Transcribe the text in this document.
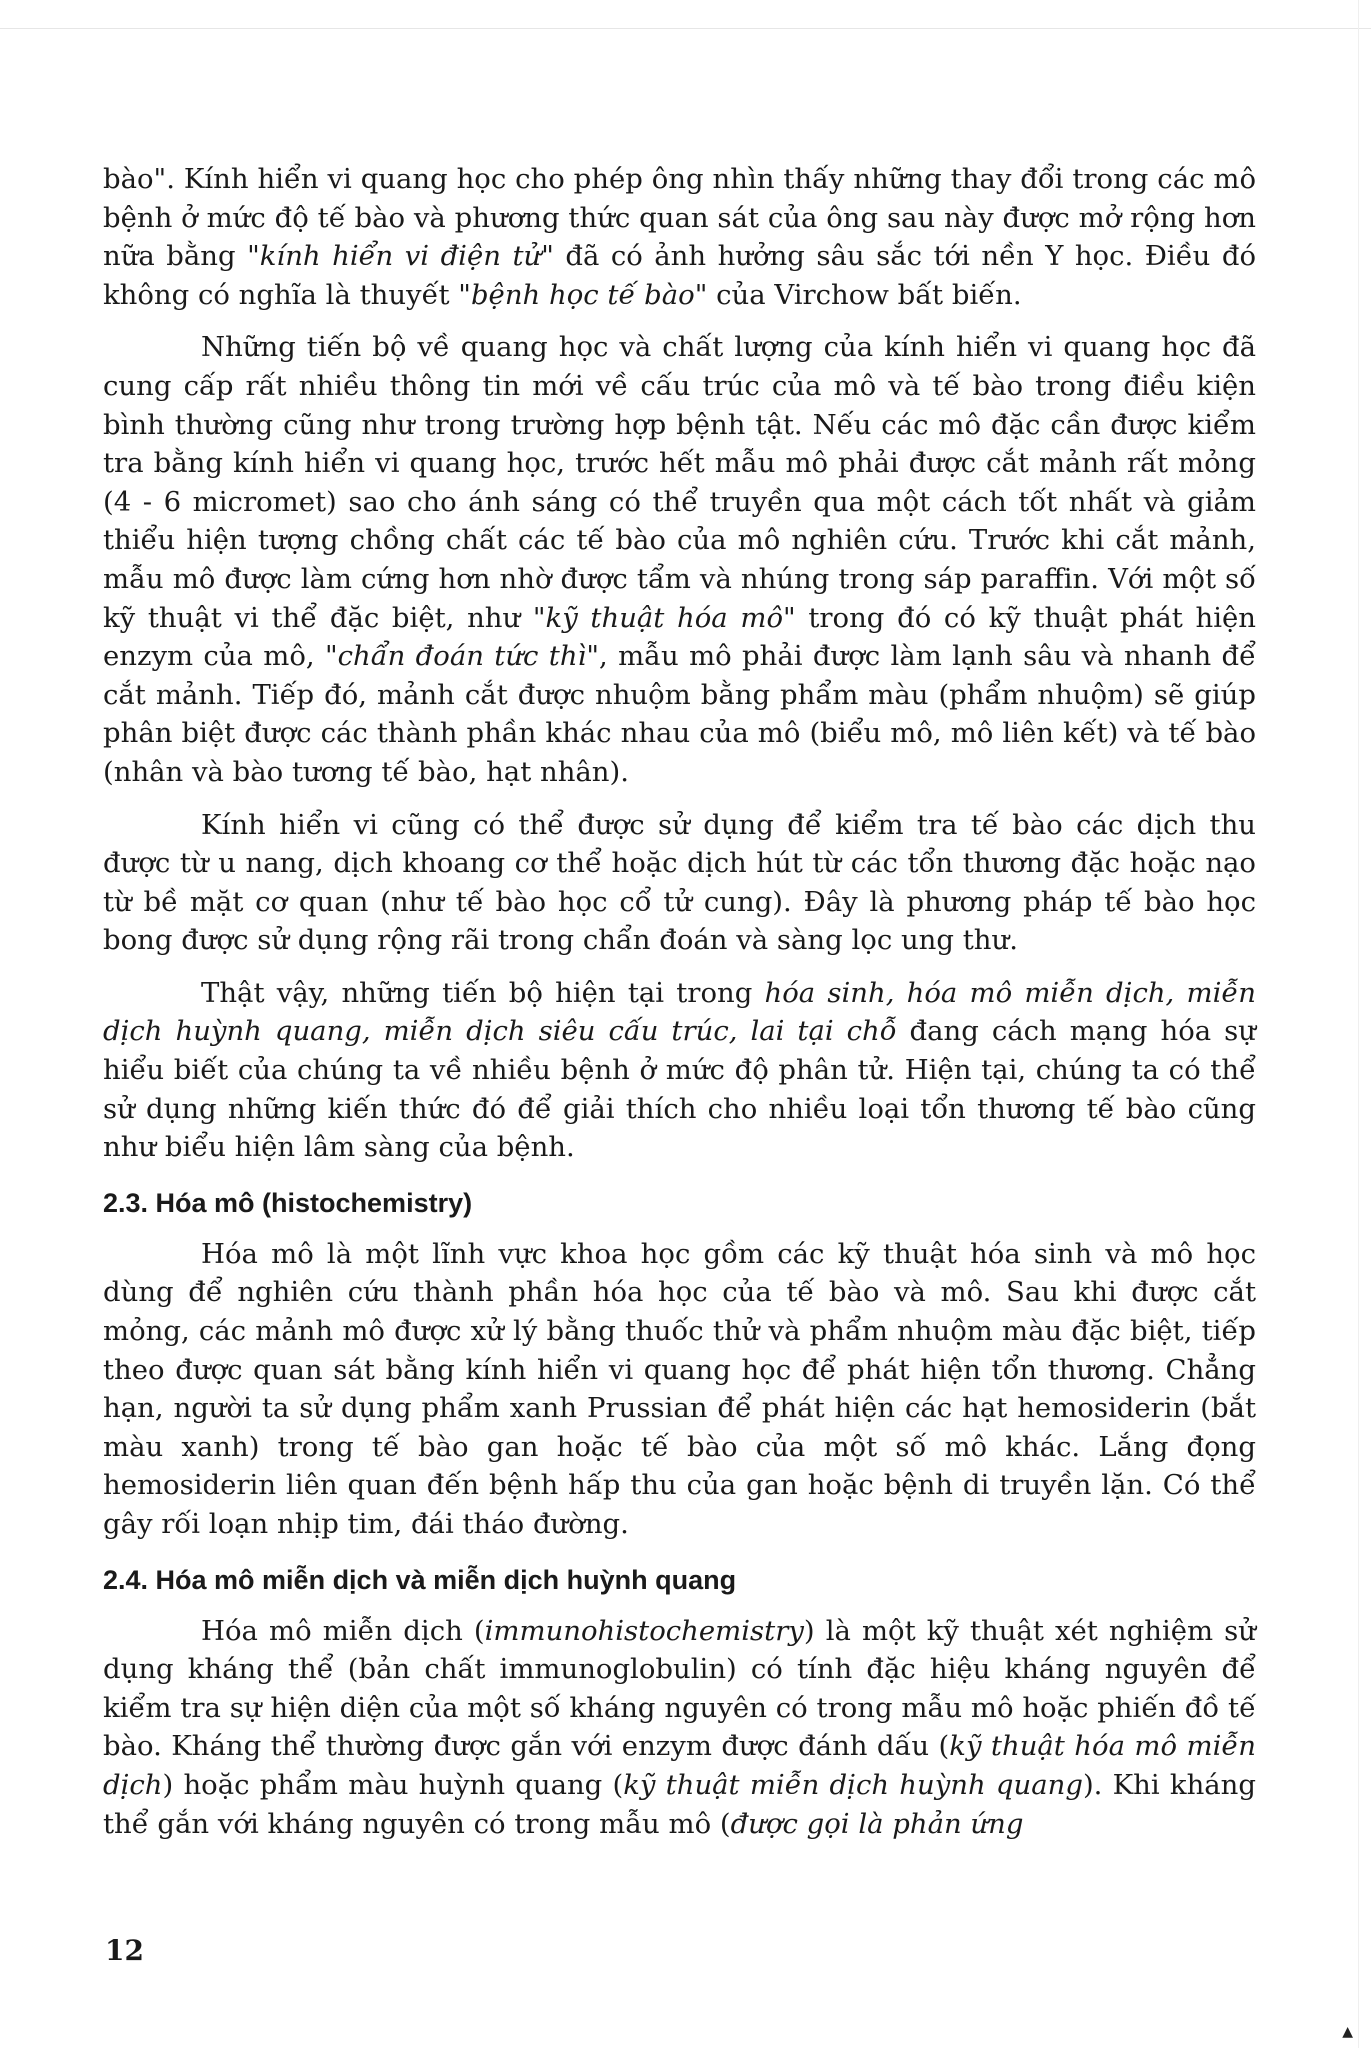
bào". Kính hiển vi quang học cho phép ông nhìn thấy những thay đổi trong các mô bệnh ở mức độ tế bào và phương thức quan sát của ông sau này được mở rộng hơn nữa bằng "kính hiển vi điện tử" đã có ảnh hưởng sâu sắc tới nền Y học. Điều đó không có nghĩa là thuyết "bệnh học tế bào" của Virchow bất biến.

Những tiến bộ về quang học và chất lượng của kính hiển vi quang học đã cung cấp rất nhiều thông tin mới về cấu trúc của mô và tế bào trong điều kiện bình thường cũng như trong trường hợp bệnh tật. Nếu các mô đặc cần được kiểm tra bằng kính hiển vi quang học, trước hết mẫu mô phải được cắt mảnh rất mỏng (4 - 6 micromet) sao cho ánh sáng có thể truyền qua một cách tốt nhất và giảm thiểu hiện tượng chồng chất các tế bào của mô nghiên cứu. Trước khi cắt mảnh, mẫu mô được làm cứng hơn nhờ được tẩm và nhúng trong sáp paraffin. Với một số kỹ thuật vi thể đặc biệt, như "kỹ thuật hóa mô" trong đó có kỹ thuật phát hiện enzym của mô, "chẩn đoán tức thì", mẫu mô phải được làm lạnh sâu và nhanh để cắt mảnh. Tiếp đó, mảnh cắt được nhuộm bằng phẩm màu (phẩm nhuộm) sẽ giúp phân biệt được các thành phần khác nhau của mô (biểu mô, mô liên kết) và tế bào (nhân và bào tương tế bào, hạt nhân).

Kính hiển vi cũng có thể được sử dụng để kiểm tra tế bào các dịch thu được từ u nang, dịch khoang cơ thể hoặc dịch hút từ các tổn thương đặc hoặc nạo từ bề mặt cơ quan (như tế bào học cổ tử cung). Đây là phương pháp tế bào học bong được sử dụng rộng rãi trong chẩn đoán và sàng lọc ung thư.

Thật vậy, những tiến bộ hiện tại trong hóa sinh, hóa mô miễn dịch, miễn dịch huỳnh quang, miễn dịch siêu cấu trúc, lai tại chỗ đang cách mạng hóa sự hiểu biết của chúng ta về nhiều bệnh ở mức độ phân tử. Hiện tại, chúng ta có thể sử dụng những kiến thức đó để giải thích cho nhiều loại tổn thương tế bào cũng như biểu hiện lâm sàng của bệnh.

2.3. Hóa mô (histochemistry)

Hóa mô là một lĩnh vực khoa học gồm các kỹ thuật hóa sinh và mô học dùng để nghiên cứu thành phần hóa học của tế bào và mô. Sau khi được cắt mỏng, các mảnh mô được xử lý bằng thuốc thử và phẩm nhuộm màu đặc biệt, tiếp theo được quan sát bằng kính hiển vi quang học để phát hiện tổn thương. Chẳng hạn, người ta sử dụng phẩm xanh Prussian để phát hiện các hạt hemosiderin (bắt màu xanh) trong tế bào gan hoặc tế bào của một số mô khác. Lắng đọng hemosiderin liên quan đến bệnh hấp thu của gan hoặc bệnh di truyền lặn. Có thể gây rối loạn nhịp tim, đái tháo đường.

2.4. Hóa mô miễn dịch và miễn dịch huỳnh quang

Hóa mô miễn dịch (immunohistochemistry) là một kỹ thuật xét nghiệm sử dụng kháng thể (bản chất immunoglobulin) có tính đặc hiệu kháng nguyên để kiểm tra sự hiện diện của một số kháng nguyên có trong mẫu mô hoặc phiến đồ tế bào. Kháng thể thường được gắn với enzym được đánh dấu (kỹ thuật hóa mô miễn dịch) hoặc phẩm màu huỳnh quang (kỹ thuật miễn dịch huỳnh quang). Khi kháng thể gắn với kháng nguyên có trong mẫu mô (được gọi là phản ứng

12
▲
